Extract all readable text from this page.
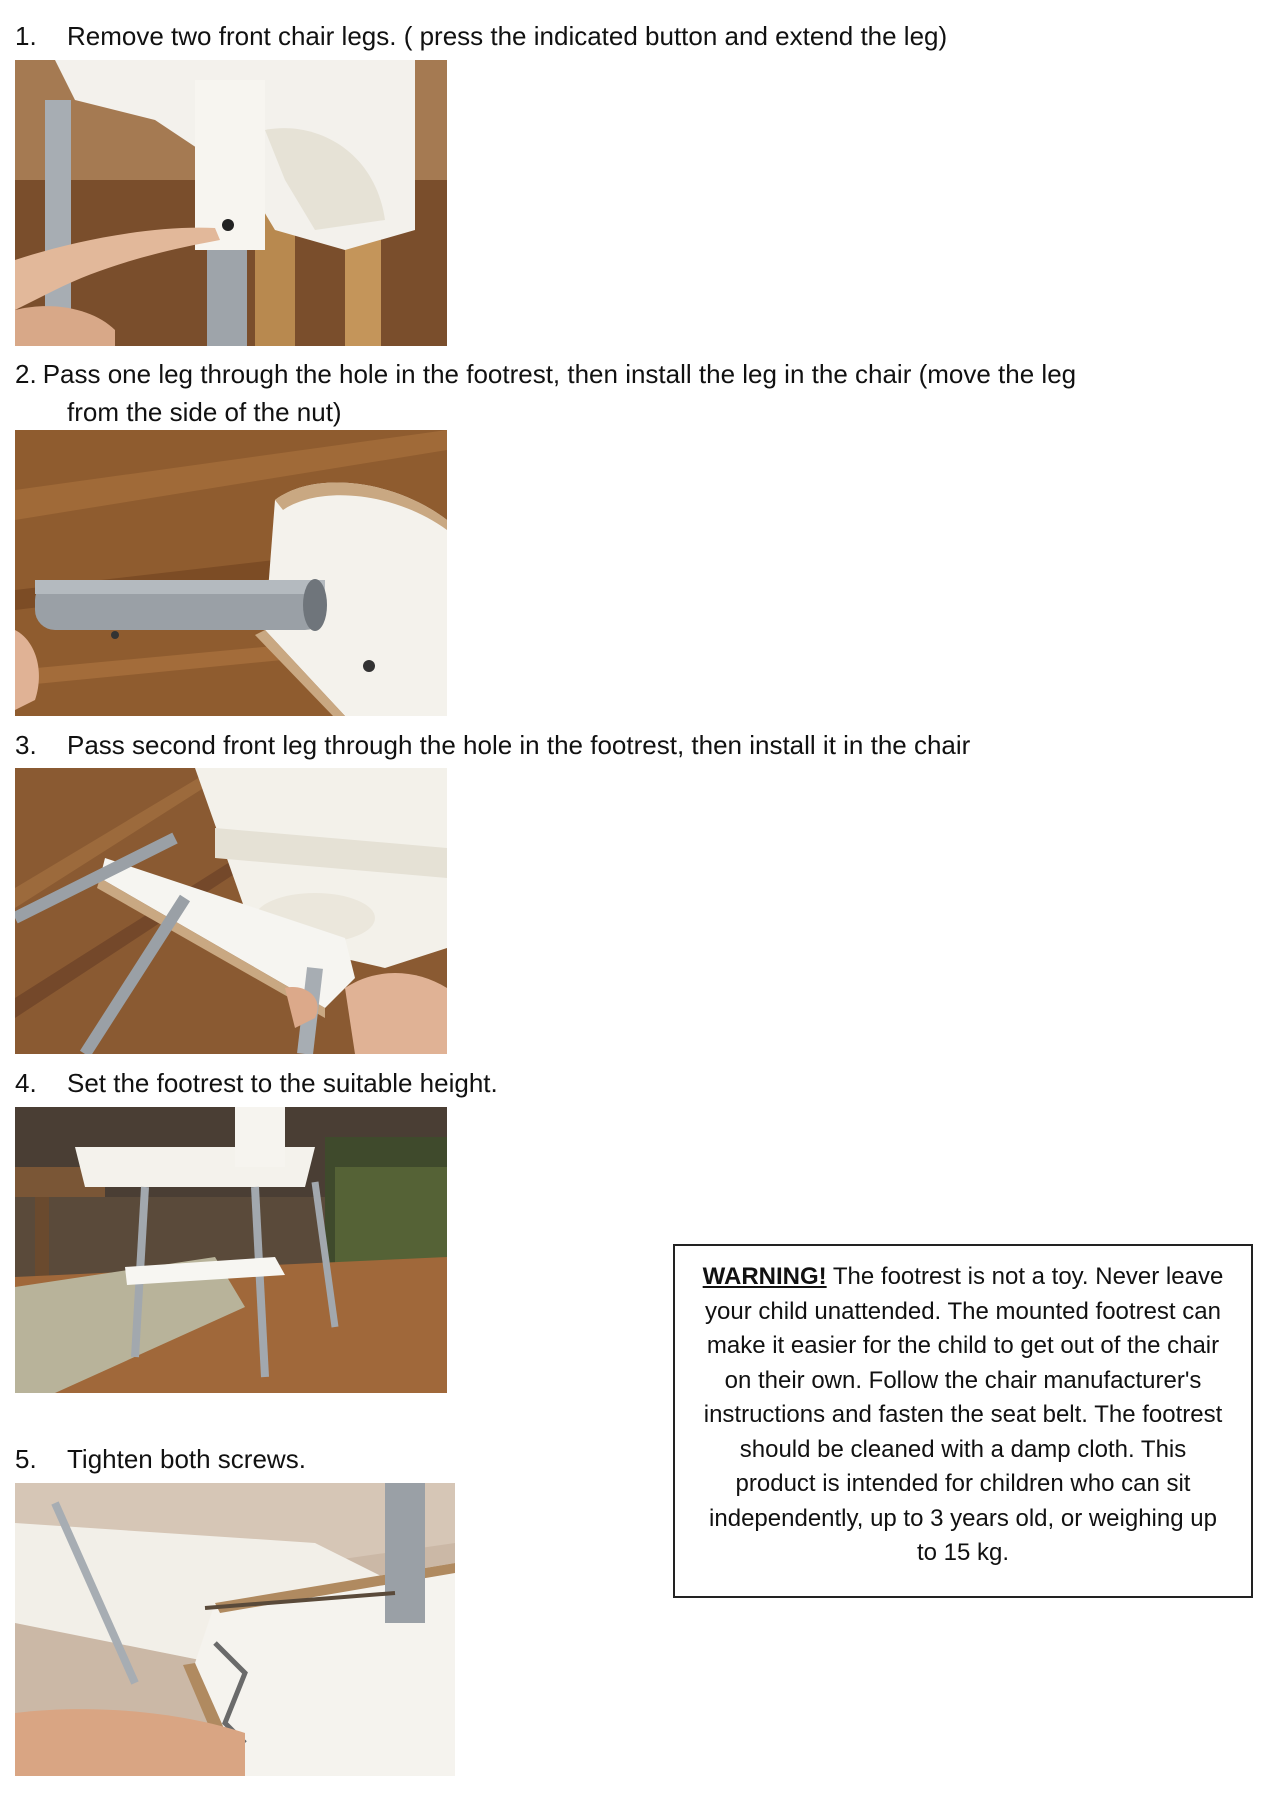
1. Remove two front chair legs. ( press the indicated button and extend the leg)
2. Pass one leg through the hole in the footrest, then install the leg in the chair (move the leg
from the side of the nut)
3. Pass second front leg through the hole in the footrest, then install it in the chair
4. Set the footrest to the suitable height.
5. Tighten both screws.
WARNING! The footrest is not a toy. Never leave your child unattended. The mounted footrest can make it easier for the child to get out of the chair on their own. Follow the chair manufacturer's instructions and fasten the seat belt. The footrest should be cleaned with a damp cloth. This product is intended for children who can sit independently, up to 3 years old, or weighing up to 15 kg.
